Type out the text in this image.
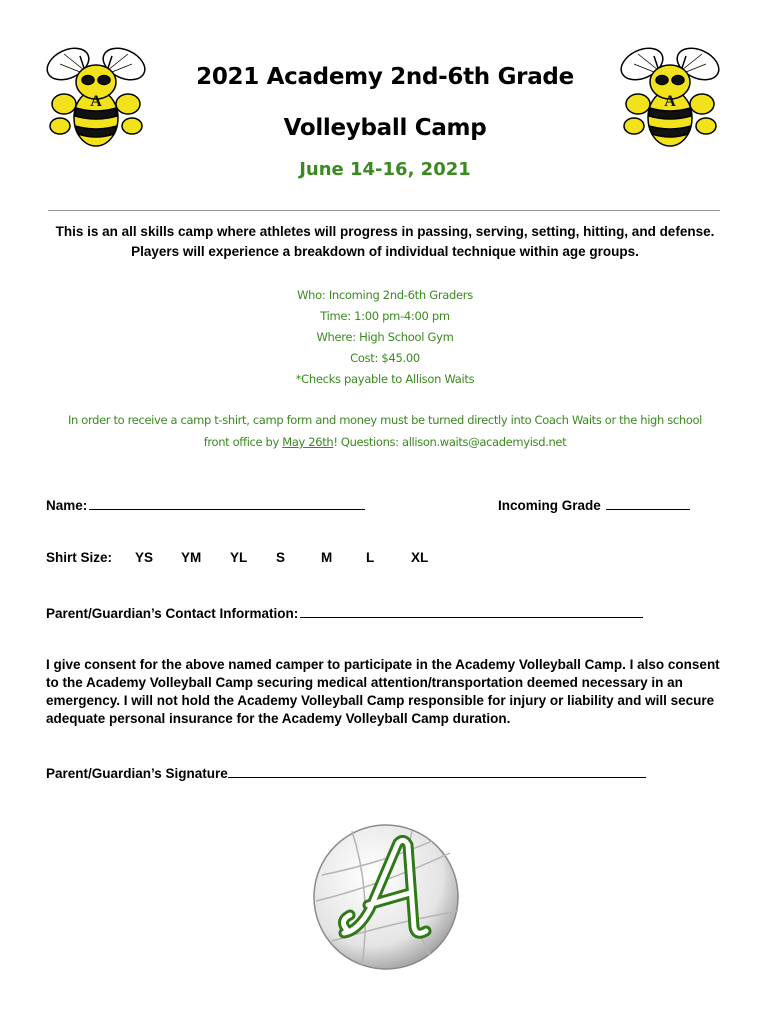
A	A
2021 Academy 2nd-6th Grade
Volleyball Camp
June 14-16, 2021
This is an all skills camp where athletes will progress in passing, serving, setting, hitting, and defense. Players will experience a breakdown of individual technique within age groups.
Who: Incoming 2nd-6th Graders
Time: 1:00 pm-4:00 pm
Where: High School Gym
Cost: $45.00
*Checks payable to Allison Waits
In order to receive a camp t-shirt, camp form and money must be turned directly into Coach Waits or the high school
front office by May 26th! Questions: allison.waits@academyisd.net
Name:	Incoming Grade
Shirt Size: YS YM YL S	M	L	XL
Parent/Guardian’s Contact Information:
I give consent for the above named camper to participate in the Academy Volleyball Camp. I also consent to the Academy Volleyball Camp securing medical attention/transportation deemed necessary in an emergency. I will not hold the Academy Volleyball Camp responsible for injury or liability and will secure adequate personal insurance for the Academy Volleyball Camp duration.
Parent/Guardian’s Signature
